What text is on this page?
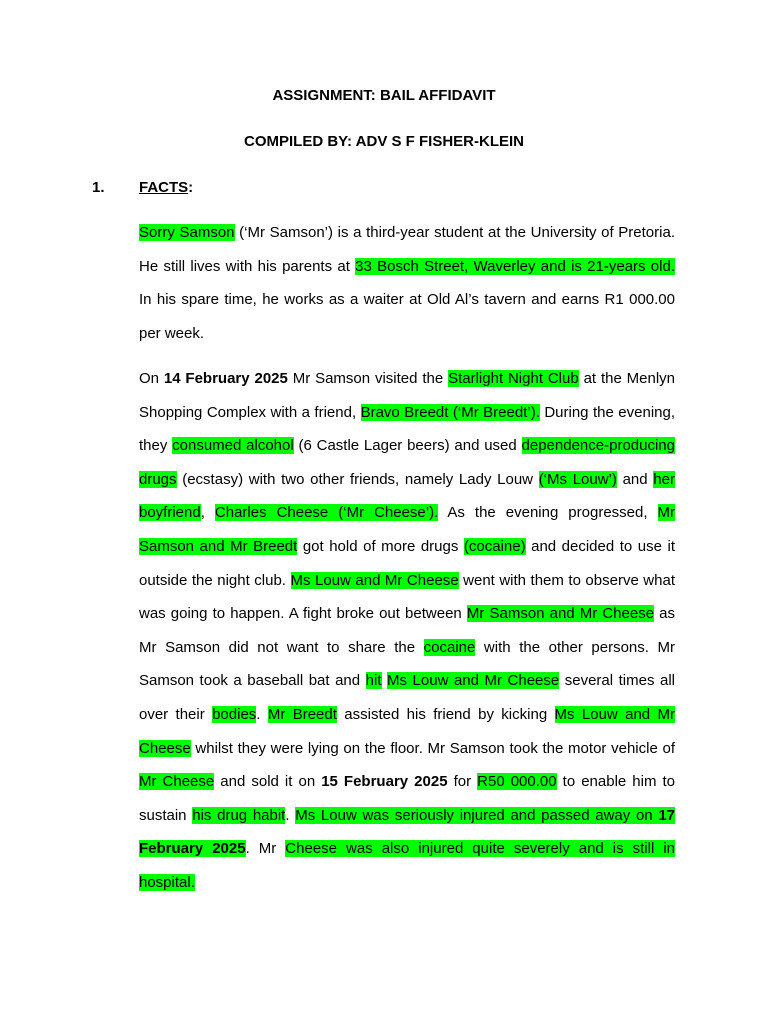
ASSIGNMENT: BAIL AFFIDAVIT
COMPILED BY: ADV S F FISHER-KLEIN
1. FACTS:

Sorry Samson (‘Mr Samson’) is a third-year student at the University of Pretoria. He still lives with his parents at 33 Bosch Street, Waverley and is 21-years old. In his spare time, he works as a waiter at Old Al’s tavern and earns R1 000.00 per week.

On 14 February 2025 Mr Samson visited the Starlight Night Club at the Menlyn Shopping Complex with a friend, Bravo Breedt (‘Mr Breedt’). During the evening, they consumed alcohol (6 Castle Lager beers) and used dependence-producing drugs (ecstasy) with two other friends, namely Lady Louw (‘Ms Louw’) and her boyfriend, Charles Cheese (‘Mr Cheese’). As the evening progressed, Mr Samson and Mr Breedt got hold of more drugs (cocaine) and decided to use it outside the night club. Ms Louw and Mr Cheese went with them to observe what was going to happen. A fight broke out between Mr Samson and Mr Cheese as Mr Samson did not want to share the cocaine with the other persons. Mr Samson took a baseball bat and hit Ms Louw and Mr Cheese several times all over their bodies. Mr Breedt assisted his friend by kicking Ms Louw and Mr Cheese whilst they were lying on the floor. Mr Samson took the motor vehicle of Mr Cheese and sold it on 15 February 2025 for R50 000.00 to enable him to sustain his drug habit. Ms Louw was seriously injured and passed away on 17 February 2025. Mr Cheese was also injured quite severely and is still in hospital.
